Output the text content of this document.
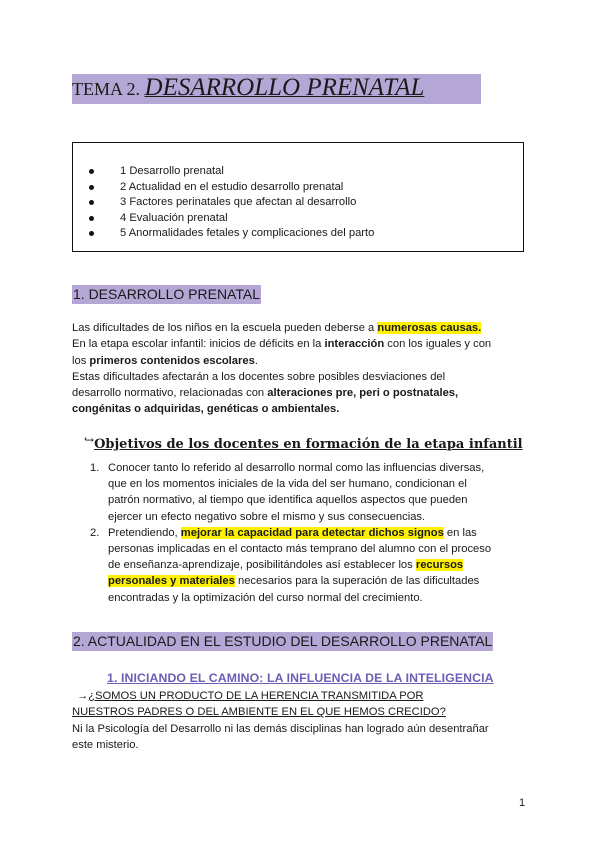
TEMA 2. DESARROLLO PRENATAL
1 Desarrollo prenatal
2 Actualidad en el estudio desarrollo prenatal
3 Factores perinatales que afectan al desarrollo
4 Evaluación prenatal
5 Anormalidades fetales y complicaciones del parto
1. DESARROLLO PRENATAL
Las dificultades de los niños en la escuela pueden deberse a numerosas causas.
En la etapa escolar infantil: inicios de déficits en la interacción con los iguales y con
los primeros contenidos escolares.
Estas dificultades afectarán a los docentes sobre posibles desviaciones del
desarrollo normativo, relacionadas con alteraciones pre, peri o postnatales,
congénitas o adquiridas, genéticas o ambientales.
↪Objetivos de los docentes en formación de la etapa infantil
1. Conocer tanto lo referido al desarrollo normal como las influencias diversas,
que en los momentos iniciales de la vida del ser humano, condicionan el
patrón normativo, al tiempo que identifica aquellos aspectos que pueden
ejercer un efecto negativo sobre el mismo y sus consecuencias.
2. Pretendiendo, mejorar la capacidad para detectar dichos signos en las
personas implicadas en el contacto más temprano del alumno con el proceso
de enseñanza-aprendizaje, posibilitándoles así establecer los recursos
personales y materiales necesarios para la superación de las dificultades
encontradas y la optimización del curso normal del crecimiento.
2. ACTUALIDAD EN EL ESTUDIO DEL DESARROLLO PRENATAL
1. INICIANDO EL CAMINO: LA INFLUENCIA DE LA INTELIGENCIA
→¿SOMOS UN PRODUCTO DE LA HERENCIA TRANSMITIDA POR
NUESTROS PADRES O DEL AMBIENTE EN EL QUE HEMOS CRECIDO?
Ni la Psicología del Desarrollo ni las demás disciplinas han logrado aún desentrañar
este misterio.
1
